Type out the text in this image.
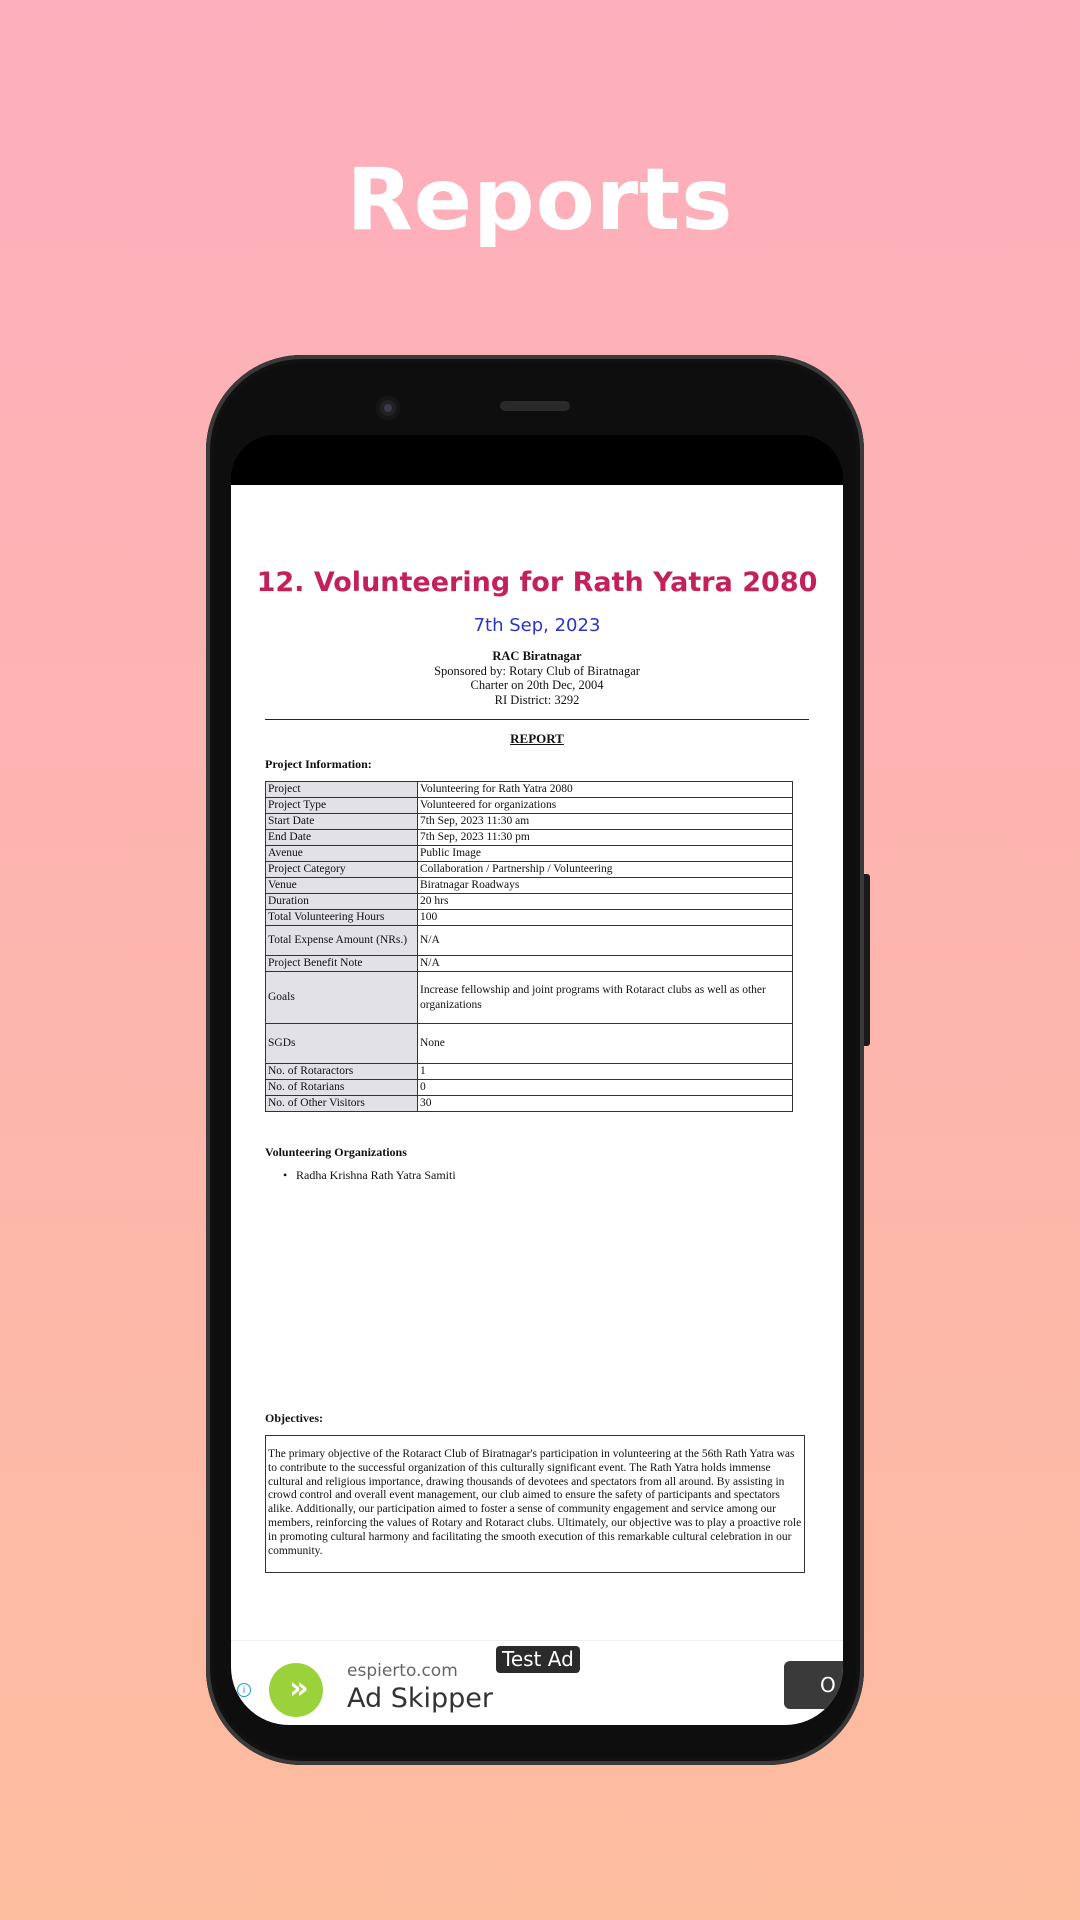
Reports
12. Volunteering for Rath Yatra 2080
7th Sep, 2023
RAC Biratnagar
Sponsored by: Rotary Club of Biratnagar
Charter on 20th Dec, 2004
RI District: 3292
REPORT
Project Information:
Project	Volunteering for Rath Yatra 2080
Project Type	Volunteered for organizations
Start Date	7th Sep, 2023 11:30 am
End Date	7th Sep, 2023 11:30 pm
Avenue	Public Image
Project Category	Collaboration / Partnership / Volunteering
Venue	Biratnagar Roadways
Duration	20 hrs
Total Volunteering Hours	100
Total Expense Amount (NRs.)	N/A
Project Benefit Note	N/A
Goals	Increase fellowship and joint programs with Rotaract clubs as well as other organizations
SGDs	None
No. of Rotaractors	1
No. of Rotarians	0
No. of Other Visitors	30
Volunteering Organizations
• Radha Krishna Rath Yatra Samiti
Objectives:
The primary objective of the Rotaract Club of Biratnagar's participation in volunteering at the 56th Rath Yatra was to contribute to the successful organization of this culturally significant event. The Rath Yatra holds immense cultural and religious importance, drawing thousands of devotees and spectators from all around. By assisting in crowd control and overall event management, our club aimed to ensure the safety of participants and spectators alike. Additionally, our participation aimed to foster a sense of community engagement and service among our members, reinforcing the values of Rotary and Rotaract clubs. Ultimately, our objective was to play a proactive role in promoting cultural harmony and facilitating the smooth execution of this remarkable cultural celebration in our community.
i	»	espierto.com
Ad Skipper
Test Ad
O
